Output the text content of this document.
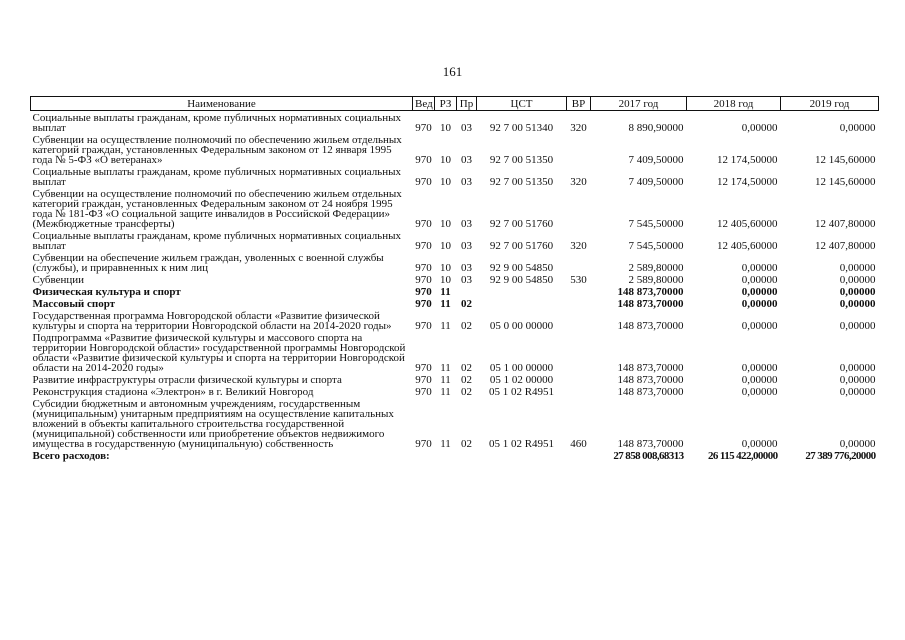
161
Наименование	Вед	РЗ	Пр	ЦСТ	ВР	2017 год	2018 год	2019 год
Социальные выплаты гражданам, кроме публичных нормативных социальных выплат	970	10	03	92 7 00 51340	320	8 890,90000	0,00000	0,00000
Субвенции на осуществление полномочий по обеспечению жильем отдельных категорий граждан, установленных Федеральным законом от 12 января 1995 года № 5-ФЗ «О ветеранах»	970	10	03	92 7 00 51350		7 409,50000	12 174,50000	12 145,60000
Социальные выплаты гражданам, кроме публичных нормативных социальных выплат	970	10	03	92 7 00 51350	320	7 409,50000	12 174,50000	12 145,60000
Субвенции на осуществление полномочий по обеспечению жильем отдельных категорий граждан, установленных Федеральным законом от 24 ноября 1995 года № 181-ФЗ «О социальной защите инвалидов в Российской Федерации» (Межбюджетные трансферты)	970	10	03	92 7 00 51760		7 545,50000	12 405,60000	12 407,80000
Социальные выплаты гражданам, кроме публичных нормативных социальных выплат	970	10	03	92 7 00 51760	320	7 545,50000	12 405,60000	12 407,80000
Субвенции на обеспечение жильем граждан, уволенных с военной службы (службы), и приравненных к ним лиц	970	10	03	92 9 00 54850		2 589,80000	0,00000	0,00000
Субвенции	970	10	03	92 9 00 54850	530	2 589,80000	0,00000	0,00000
Физическая культура и спорт	970	11				148 873,70000	0,00000	0,00000
Массовый спорт	970	11	02			148 873,70000	0,00000	0,00000
Государственная программа Новгородской области «Развитие физической культуры и спорта на территории Новгородской области на 2014-2020 годы»	970	11	02	05 0 00 00000		148 873,70000	0,00000	0,00000
Подпрограмма «Развитие физической культуры и массового спорта на территории Новгородской области» государственной программы Новгородской области «Развитие физической культуры и спорта на территории Новгородской области на 2014-2020 годы»	970	11	02	05 1 00 00000		148 873,70000	0,00000	0,00000
Развитие инфраструктуры отрасли физической культуры и спорта	970	11	02	05 1 02 00000		148 873,70000	0,00000	0,00000
Реконструкция стадиона «Электрон» в г. Великий Новгород	970	11	02	05 1 02 R4951		148 873,70000	0,00000	0,00000
Субсидии бюджетным и автономным учреждениям, государственным (муниципальным) унитарным предприятиям на осуществление капитальных вложений в объекты капитального строительства государственной (муниципальной) собственности или приобретение объектов недвижимого имущества в государственную (муниципальную) собственность	970	11	02	05 1 02 R4951	460	148 873,70000	0,00000	0,00000
Всего расходов:						27 858 008,68313	26 115 422,00000	27 389 776,20000
